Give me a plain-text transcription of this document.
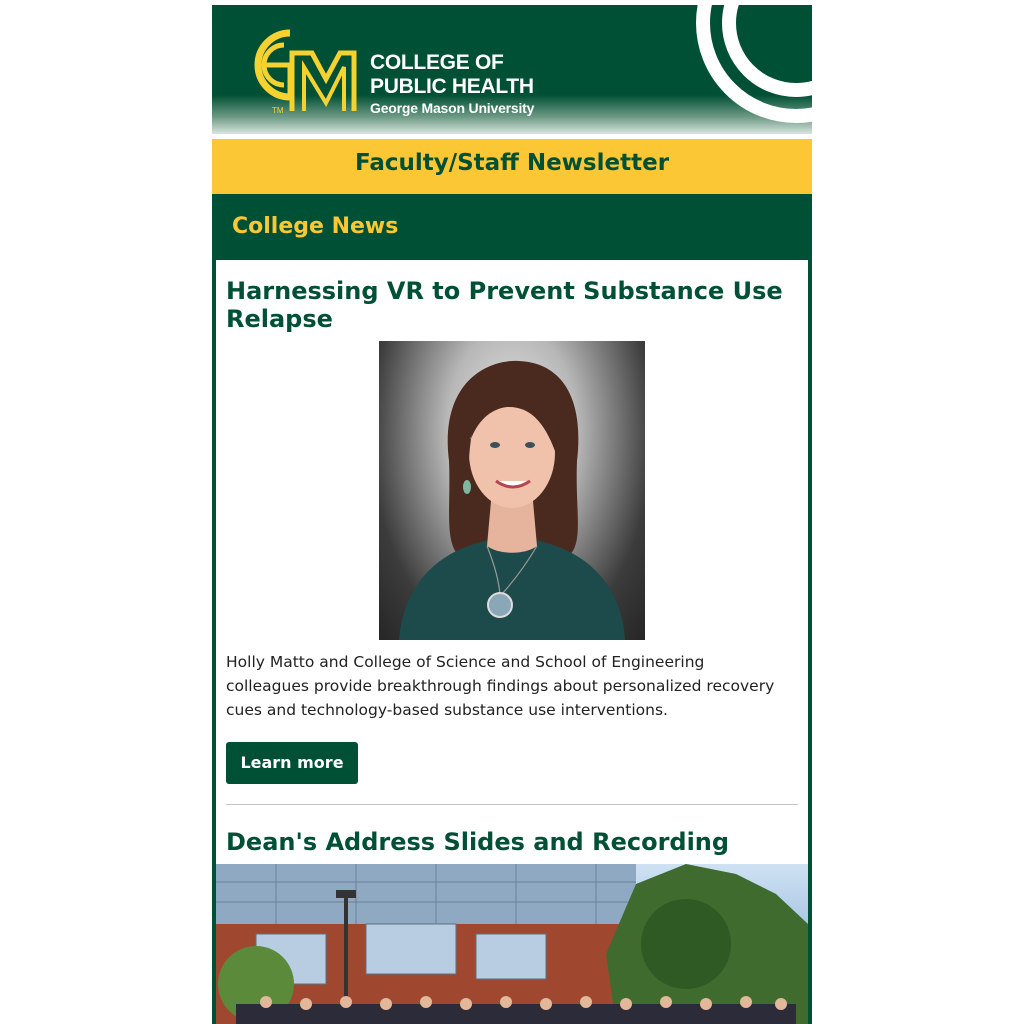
TM
COLLEGE OF
PUBLIC HEALTH
George Mason University
Faculty/Staff Newsletter
College News
Harnessing VR to Prevent Substance Use Relapse

Holly Matto and College of Science and School of Engineering colleagues provide breakthrough findings about personalized recovery cues and technology-based substance use interventions.

Learn more
Dean's Address Slides and Recording
